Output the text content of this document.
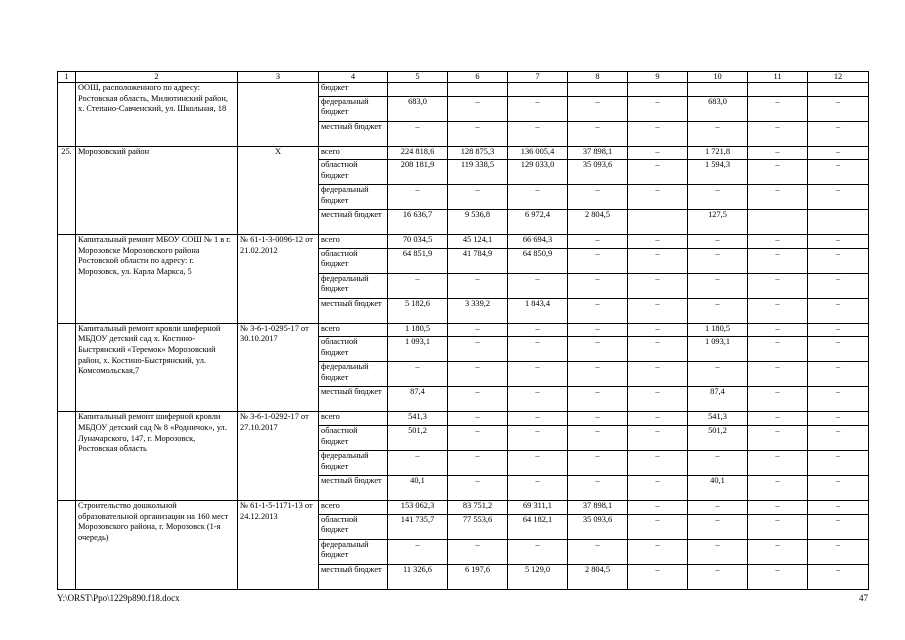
1	2	3	4	5	6	7	8	9	10	11	12
	ООШ, расположенного по адресу: Ростовская область, Милютинский район, х. Степано-Савченский, ул. Школьная, 18		бюджет								
			федеральный бюджет	683,0	–	–	–	–	683,0	–	–
			местный бюджет	–	–	–	–	–	–	–	–
25.	Морозовский район	X	всего	224 818,6	128 875,3	136 005,4	37 898,1	–	1 721,8	–	–
			областной бюджет	208 181,9	119 338,5	129 033,0	35 093,6	–	1 594,3	–	–
			федеральный бюджет	–	–	–	–	–	–	–	–
			местный бюджет	16 636,7	9 536,8	6 972,4	2 804,5		127,5		
	Капитальный ремонт МБОУ СОШ № 1 в г. Морозовске Морозовского района Ростовской области по адресу: г. Морозовск, ул. Карла Маркса, 5	№ 61-1-3-0096-12 от 21.02.2012	всего	70 034,5	45 124,1	66 694,3	–	–	–	–	–
			областной бюджет	64 851,9	41 784,9	64 850,9	–	–	–	–	–
			федеральный бюджет	–	–	–	–	–	–	–	–
			местный бюджет	5 182,6	3 339,2	1 843,4	–	–	–	–	–
	Капитальный ремонт кровли шиферной МБДОУ детский сад х. Костино-Быстрянский «Теремок» Морозовский район, х. Костино-Быстрянский, ул. Комсомольская,7	№ 3-6-1-0295-17 от 30.10.2017	всего	1 180,5	–	–	–	–	1 180,5	–	–
			областной бюджет	1 093,1	–	–	–	–	1 093,1	–	–
			федеральный бюджет	–	–	–	–	–	–	–	–
			местный бюджет	87,4	–	–	–	–	87,4	–	–
	Капитальный ремонт шиферной кровли МБДОУ детский сад № 8 «Родничок», ул. Луначарского, 147, г. Морозовск, Ростовская область	№ 3-6-1-0292-17 от 27.10.2017	всего	541,3	–	–	–	–	541,3	–	–
			областной бюджет	501,2	–	–	–	–	501,2	–	–
			федеральный бюджет	–	–	–	–	–	–	–	–
			местный бюджет	40,1	–	–	–	–	40,1	–	–
	Строительство дошкольной образовательной организации на 160 мест Морозовского района, г. Морозовск (1-я очередь)	№ 61-1-5-1171-13 от 24.12.2013	всего	153 062,3	83 751,2	69 311,1	37 898,1	–	–	–	–
			областной бюджет	141 735,7	77 553,6	64 182,1	35 093,6	–	–	–	–
			федеральный бюджет	–	–	–	–	–	–	–	–
			местный бюджет	11 326,6	6 197,6	5 129,0	2 804,5	–	–	–	–
Y:\ORST\Ppo\1229p890.f18.docx	47
